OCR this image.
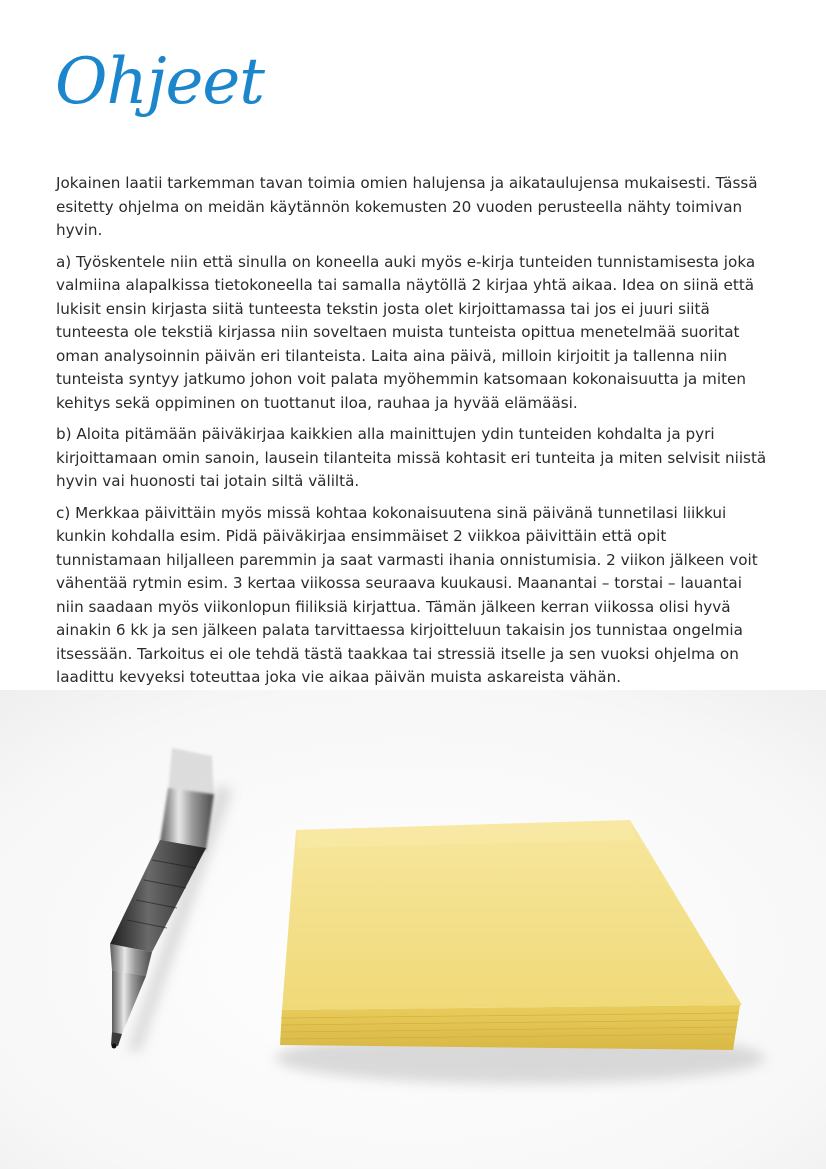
Ohjeet

Jokainen laatii tarkemman tavan toimia omien halujensa ja aikataulujensa mukaisesti. Tässä esitetty ohjelma on meidän käytännön kokemusten 20 vuoden perusteella nähty toimivan hyvin.

a) Työskentele niin että sinulla on koneella auki myös e-kirja tunteiden tunnistamisesta joka valmiina alapalkissa tietokoneella tai samalla näytöllä 2 kirjaa yhtä aikaa. Idea on siinä että lukisit ensin kirjasta siitä tunteesta tekstin josta olet kirjoittamassa tai jos ei juuri siitä tunteesta ole tekstiä kirjassa niin soveltaen muista tunteista opittua menetelmää suoritat oman analysoinnin päivän eri tilanteista. Laita aina päivä, milloin kirjoitit ja tallenna niin tunteista syntyy jatkumo johon voit palata myöhemmin katsomaan kokonaisuutta ja miten kehitys sekä oppiminen on tuottanut iloa, rauhaa ja hyvää elämääsi.

b) Aloita pitämään päiväkirjaa kaikkien alla mainittujen ydin tunteiden kohdalta ja pyri kirjoittamaan omin sanoin, lausein tilanteita missä kohtasit eri tunteita ja miten selvisit niistä hyvin vai huonosti tai jotain siltä väliltä.

c) Merkkaa päivittäin myös missä kohtaa kokonaisuutena sinä päivänä tunnetilasi liikkui kunkin kohdalla esim. Pidä päiväkirjaa ensimmäiset 2 viikkoa päivittäin että opit tunnistamaan hiljalleen paremmin ja saat varmasti ihania onnistumisia. 2 viikon jälkeen voit vähentää rytmin esim. 3 kertaa viikossa seuraava kuukausi. Maanantai – torstai – lauantai niin saadaan myös viikonlopun fiiliksiä kirjattua. Tämän jälkeen kerran viikossa olisi hyvä ainakin 6 kk ja sen jälkeen palata tarvittaessa kirjoitteluun takaisin jos tunnistaa ongelmia itsessään. Tarkoitus ei ole tehdä tästä taakkaa tai stressiä itselle ja sen vuoksi ohjelma on laadittu kevyeksi toteuttaa joka vie aikaa päivän muista askareista vähän.
